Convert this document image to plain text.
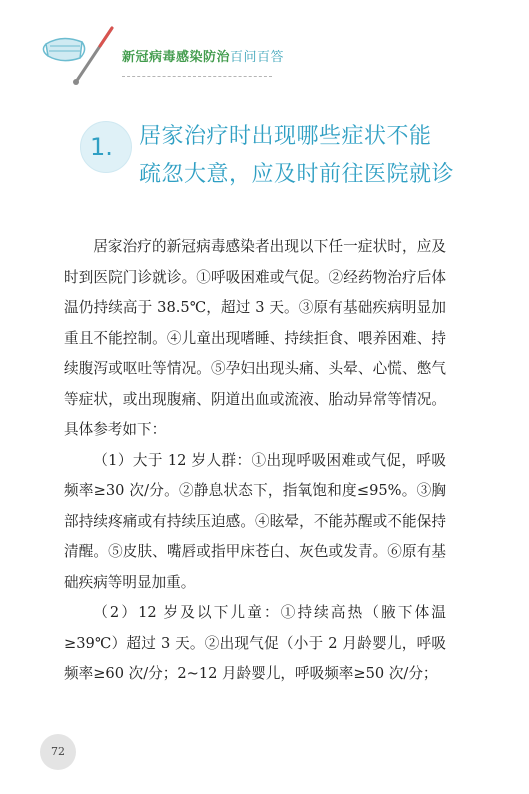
新冠病毒感染防治百问百答
1.	居家治疗时出现哪些症状不能
疏忽大意，应及时前往医院就诊

居家治疗的新冠病毒感染者出现以下任一症状时，应及时到医院门诊就诊。①呼吸困难或气促。②经药物治疗后体温仍持续高于 38.5℃，超过 3 天。③原有基础疾病明显加重且不能控制。④儿童出现嗜睡、持续拒食、喂养困难、持续腹泻或呕吐等情况。⑤孕妇出现头痛、头晕、心慌、憋气等症状，或出现腹痛、阴道出血或流液、胎动异常等情况。具体参考如下：

（1）大于 12 岁人群：①出现呼吸困难或气促，呼吸频率≥30 次/分。②静息状态下，指氧饱和度≤95%。③胸部持续疼痛或有持续压迫感。④眩晕，不能苏醒或不能保持清醒。⑤皮肤、嘴唇或指甲床苍白、灰色或发青。⑥原有基础疾病等明显加重。

（2）12 岁及以下儿童：①持续高热（腋下体温≥39℃）超过 3 天。②出现气促（小于 2 月龄婴儿，呼吸频率≥60 次/分；2~12 月龄婴儿，呼吸频率≥50 次/分；

72
